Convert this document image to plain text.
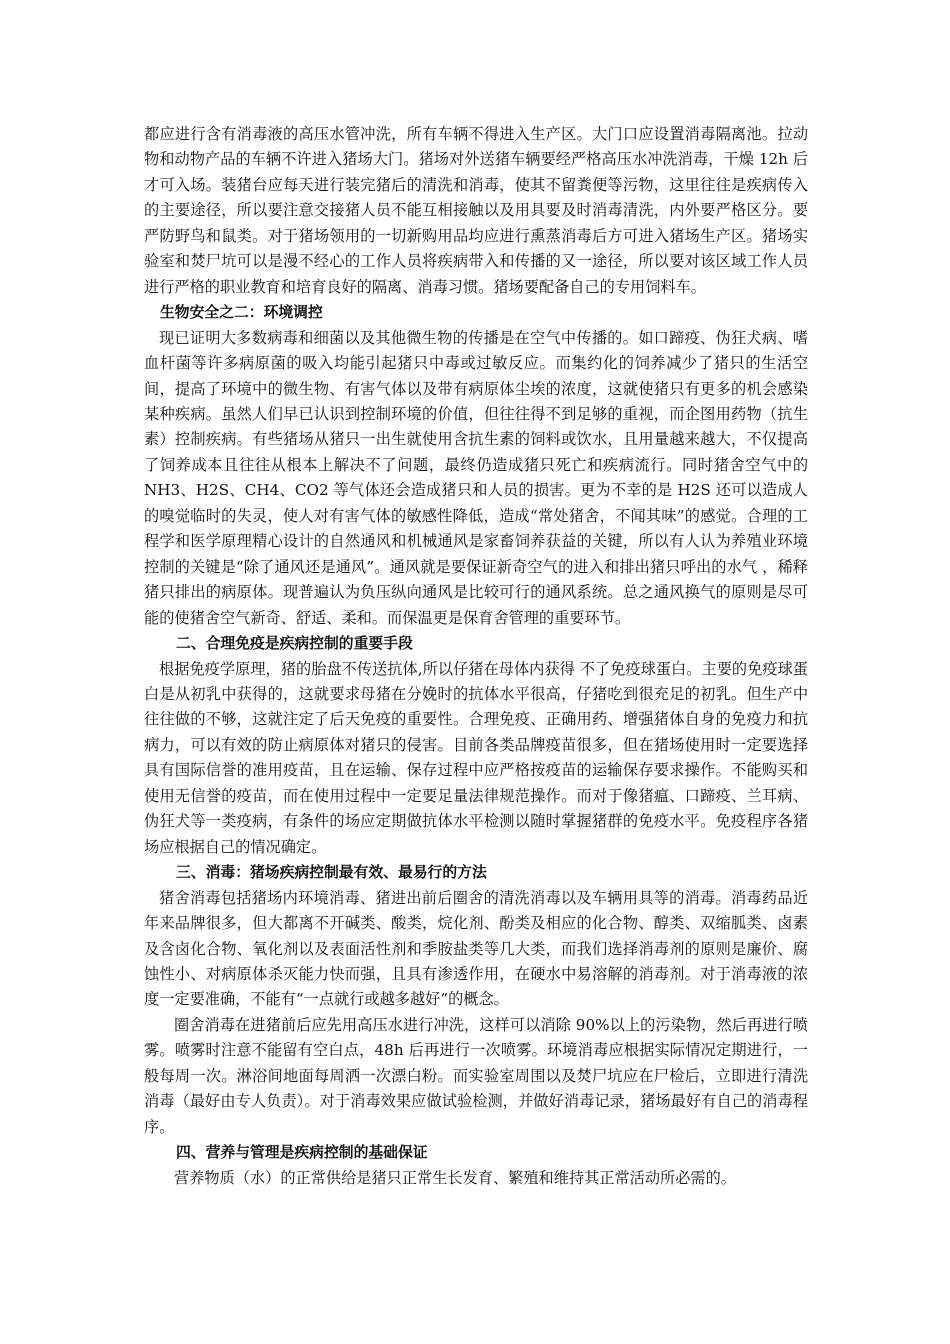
都应进行含有消毒液的高压水管冲洗，所有车辆不得进入生产区。大门口应设置消毒隔离池。拉动物和动物产品的车辆不许进入猪场大门。猪场对外送猪车辆要经严格高压水冲洗消毒，干燥 12h 后才可入场。装猪台应每天进行装完猪后的清洗和消毒，使其不留粪便等污物，这里往往是疾病传入的主要途径，所以要注意交接猪人员不能互相接触以及用具要及时消毒清洗，内外要严格区分。要严防野鸟和鼠类。对于猪场领用的一切新购用品均应进行熏蒸消毒后方可进入猪场生产区。猪场实验室和焚尸坑可以是漫不经心的工作人员将疾病带入和传播的又一途径，所以要对该区域工作人员进行严格的职业教育和培育良好的隔离、消毒习惯。猪场要配备自己的专用饲料车。

生物安全之二：环境调控

现已证明大多数病毒和细菌以及其他微生物的传播是在空气中传播的。如口蹄疫、伪狂犬病、嗜血杆菌等许多病原菌的吸入均能引起猪只中毒或过敏反应。而集约化的饲养减少了猪只的生活空间，提高了环境中的微生物、有害气体以及带有病原体尘埃的浓度，这就使猪只有更多的机会感染某种疾病。虽然人们早已认识到控制环境的价值，但往往得不到足够的重视，而企图用药物（抗生素）控制疾病。有些猪场从猪只一出生就使用含抗生素的饲料或饮水，且用量越来越大，不仅提高了饲养成本且往往从根本上解决不了问题，最终仍造成猪只死亡和疾病流行。同时猪舍空气中的 NH3、H2S、CH4、CO2 等气体还会造成猪只和人员的损害。更为不幸的是 H2S 还可以造成人的嗅觉临时的失灵，使人对有害气体的敏感性降低，造成“常处猪舍，不闻其味”的感觉。合理的工程学和医学原理精心设计的自然通风和机械通风是家畜饲养获益的关键，所以有人认为养殖业环境控制的关键是“除了通风还是通风”。通风就是要保证新奇空气的进入和排出猪只呼出的水气 ，稀释猪只排出的病原体。现普遍认为负压纵向通风是比较可行的通风系统。总之通风换气的原则是尽可能的使猪舍空气新奇、舒适、柔和。而保温更是保育舍管理的重要环节。

二、合理免疫是疾病控制的重要手段

根据免疫学原理，猪的胎盘不传送抗体,所以仔猪在母体内获得 不了免疫球蛋白。主要的免疫球蛋白是从初乳中获得的，这就要求母猪在分娩时的抗体水平很高，仔猪吃到很充足的初乳。但生产中往往做的不够，这就注定了后天免疫的重要性。合理免疫、正确用药、增强猪体自身的免疫力和抗病力，可以有效的防止病原体对猪只的侵害。目前各类品牌疫苗很多，但在猪场使用时一定要选择具有国际信誉的准用疫苗，且在运输、保存过程中应严格按疫苗的运输保存要求操作。不能购买和使用无信誉的疫苗，而在使用过程中一定要足量法律规范操作。而对于像猪瘟、口蹄疫、兰耳病、伪狂犬等一类疫病，有条件的场应定期做抗体水平检测以随时掌握猪群的免疫水平。免疫程序各猪场应根据自己的情况确定。

三、消毒：猪场疾病控制最有效、最易行的方法

猪舍消毒包括猪场内环境消毒、猪进出前后圈舍的清洗消毒以及车辆用具等的消毒。消毒药品近年来品牌很多，但大都离不开碱类、酸类，烷化剂、酚类及相应的化合物、醇类、双缩胍类、卤素及含卤化合物、氧化剂以及表面活性剂和季胺盐类等几大类，而我们选择消毒剂的原则是廉价、腐蚀性小、对病原体杀灭能力快而强，且具有渗透作用，在硬水中易溶解的消毒剂。对于消毒液的浓度一定要准确，不能有“一点就行或越多越好”的概念。

圈舍消毒在进猪前后应先用高压水进行冲洗，这样可以消除 90%以上的污染物，然后再进行喷雾。喷雾时注意不能留有空白点，48h 后再进行一次喷雾。环境消毒应根据实际情况定期进行，一般每周一次。淋浴间地面每周洒一次漂白粉。而实验室周围以及焚尸坑应在尸检后，立即进行清洗消毒（最好由专人负责）。对于消毒效果应做试验检测，并做好消毒记录，猪场最好有自己的消毒程序。

四、营养与管理是疾病控制的基础保证

营养物质（水）的正常供给是猪只正常生长发育、繁殖和维持其正常活动所必需的。
